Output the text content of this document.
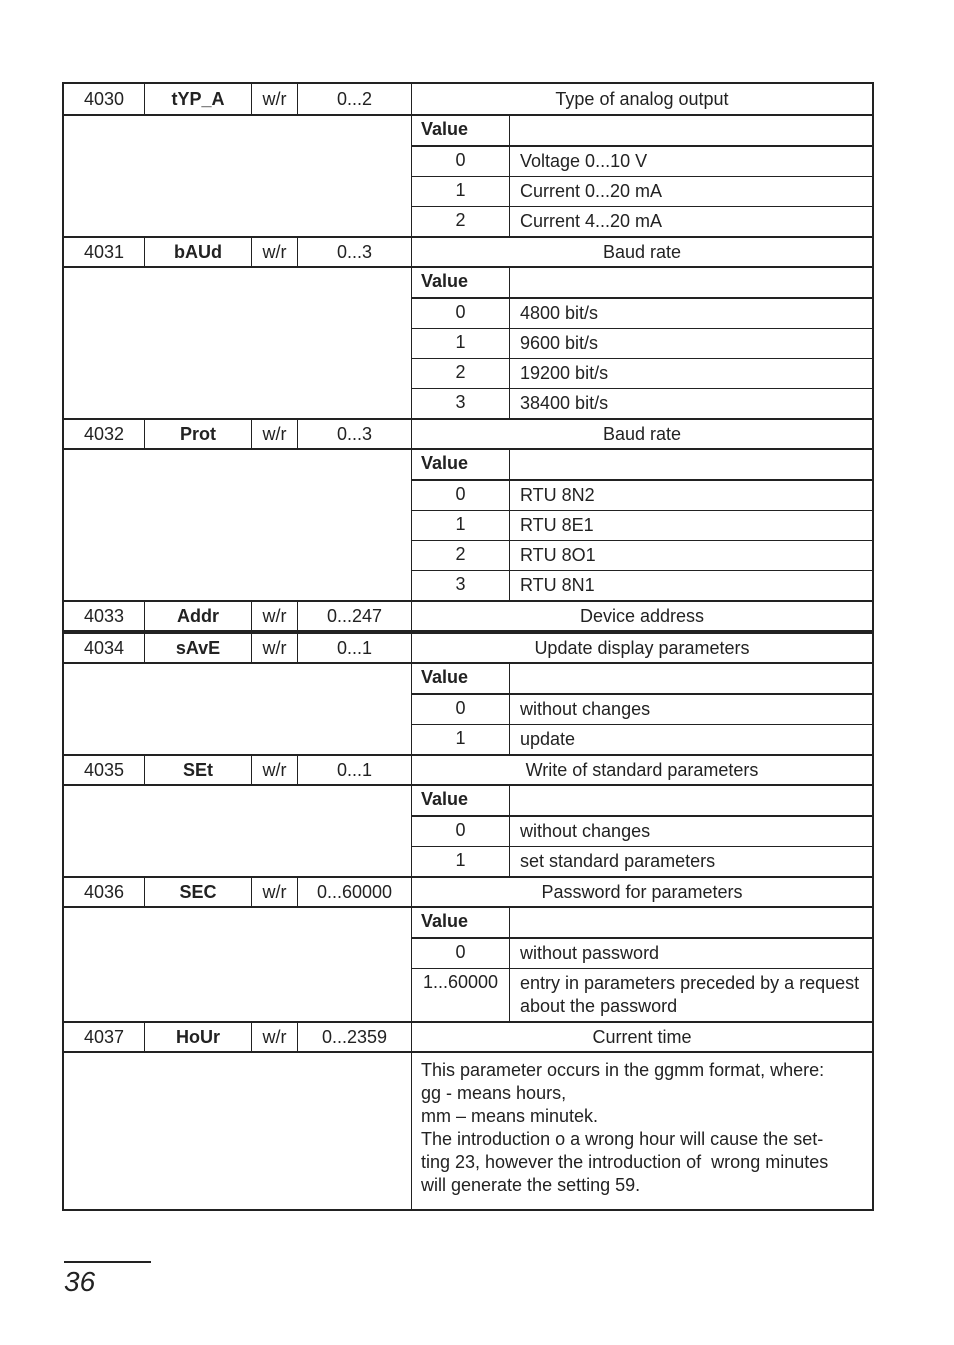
4030	tYP_A	w/r	0...2	Type of analog output
Value

0	Voltage 0...10 V
1	Current 0...20 mA
2	Current 4...20 mA
4031	bAUd	w/r	0...3	Baud rate
Value

0	4800 bit/s
1	9600 bit/s
2	19200 bit/s
3	38400 bit/s
4032	Prot	w/r	0...3	Baud rate
Value

0	RTU 8N2
1	RTU 8E1
2	RTU 8O1
3	RTU 8N1
4033	Addr	w/r	0...247	Device address
4034	sAvE	w/r	0...1	Update display parameters
Value

0	without changes
1	update
4035	SEt	w/r	0...1	Write of standard parameters
Value

0	without changes
1	set standard parameters
4036	SEC	w/r	0...60000	Password for parameters
Value

0	without password
1...60000	entry in parameters preceded by a request about the password
4037	HoUr	w/r	0...2359	Current time
This parameter occurs in the ggmm format, where:
gg - means hours,
mm – means minutek.
The introduction o a wrong hour will cause the set-
ting 23, however the introduction of  wrong minutes
will generate the setting 59.
36
